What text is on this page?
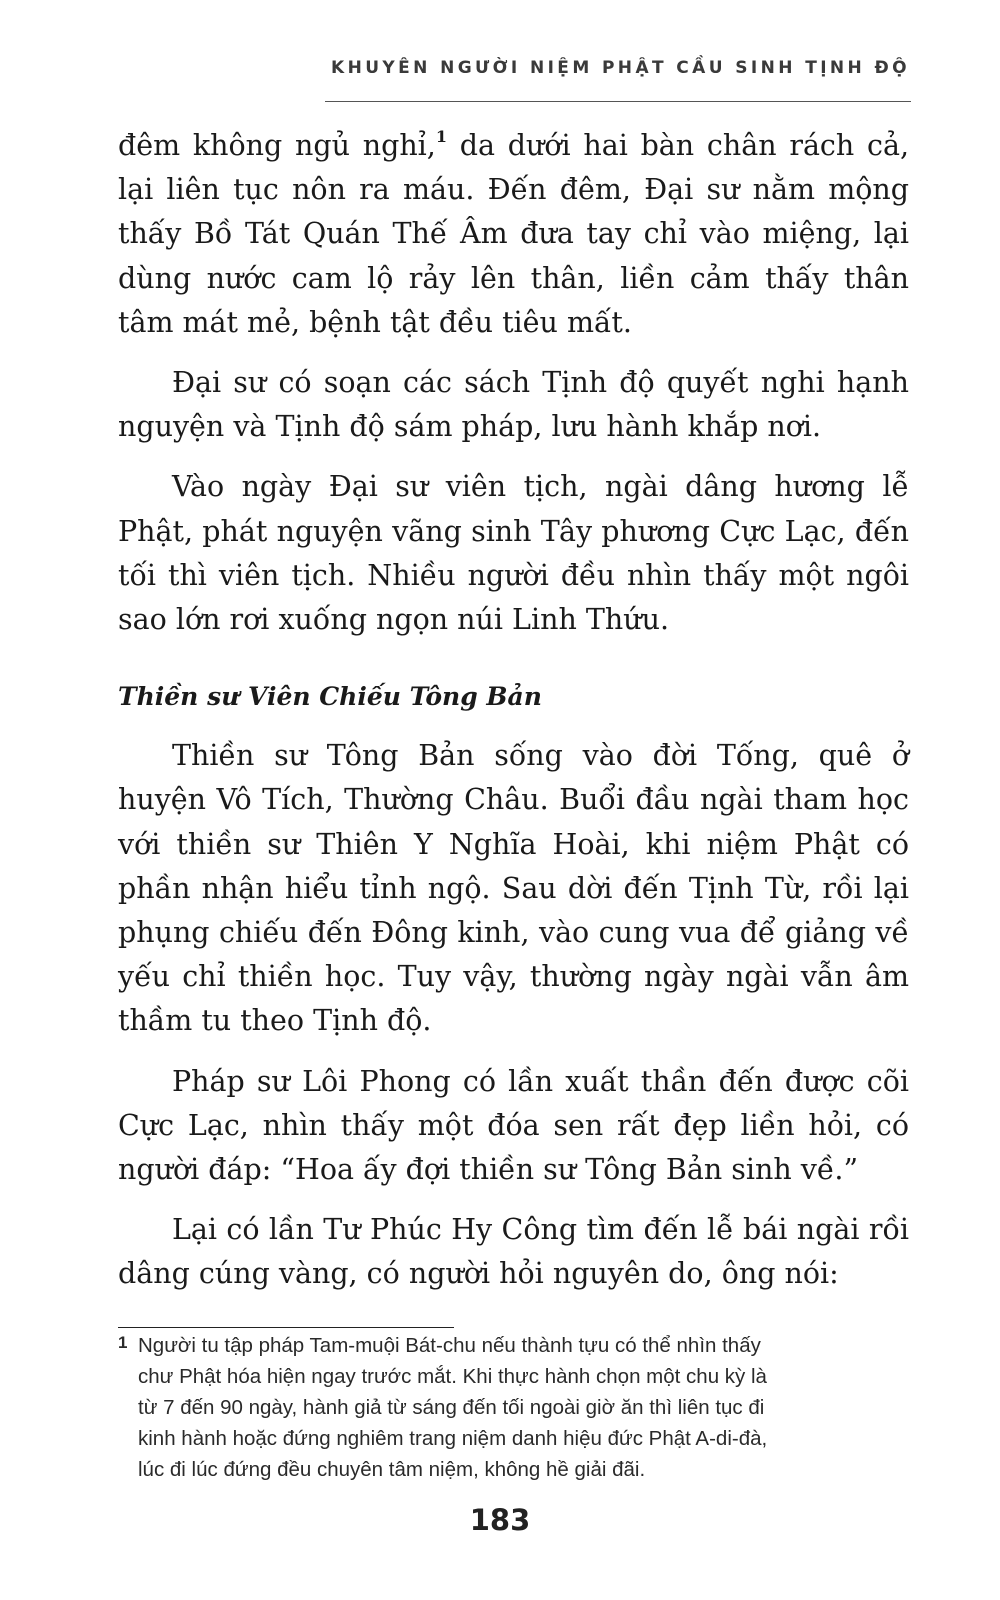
KHUYÊN NGƯỜI NIỆM PHẬT CẦU SINH TỊNH ĐỘ

đêm không ngủ nghỉ,$^1$ da dưới hai bàn chân rách cả, lại liên tục nôn ra máu. Đến đêm, Đại sư nằm mộng thấy Bồ Tát Quán Thế Âm đưa tay chỉ vào miệng, lại dùng nước cam lộ rảy lên thân, liền cảm thấy thân tâm mát mẻ, bệnh tật đều tiêu mất.

Đại sư có soạn các sách Tịnh độ quyết nghi hạnh nguyện và Tịnh độ sám pháp, lưu hành khắp nơi.

Vào ngày Đại sư viên tịch, ngài dâng hương lễ Phật, phát nguyện vãng sinh Tây phương Cực Lạc, đến tối thì viên tịch. Nhiều người đều nhìn thấy một ngôi sao lớn rơi xuống ngọn núi Linh Thứu.

Thiền sư Viên Chiếu Tông Bản

Thiền sư Tông Bản sống vào đời Tống, quê ở huyện Vô Tích, Thường Châu. Buổi đầu ngài tham học với thiền sư Thiên Y Nghĩa Hoài, khi niệm Phật có phần nhận hiểu tỉnh ngộ. Sau dời đến Tịnh Từ, rồi lại phụng chiếu đến Đông kinh, vào cung vua để giảng về yếu chỉ thiền học. Tuy vậy, thường ngày ngài vẫn âm thầm tu theo Tịnh độ.

Pháp sư Lôi Phong có lần xuất thần đến được cõi Cực Lạc, nhìn thấy một đóa sen rất đẹp liền hỏi, có người đáp: “Hoa ấy đợi thiền sư Tông Bản sinh về.”

Lại có lần Tư Phúc Hy Công tìm đến lễ bái ngài rồi dâng cúng vàng, có người hỏi nguyên do, ông nói:

1 Người tu tập pháp Tam-muội Bát-chu nếu thành tựu có thể nhìn thấy
chư Phật hóa hiện ngay trước mắt. Khi thực hành chọn một chu kỳ là
từ 7 đến 90 ngày, hành giả từ sáng đến tối ngoài giờ ăn thì liên tục đi
kinh hành hoặc đứng nghiêm trang niệm danh hiệu đức Phật A-di-đà,
lúc đi lúc đứng đều chuyên tâm niệm, không hề giải đãi.
183
